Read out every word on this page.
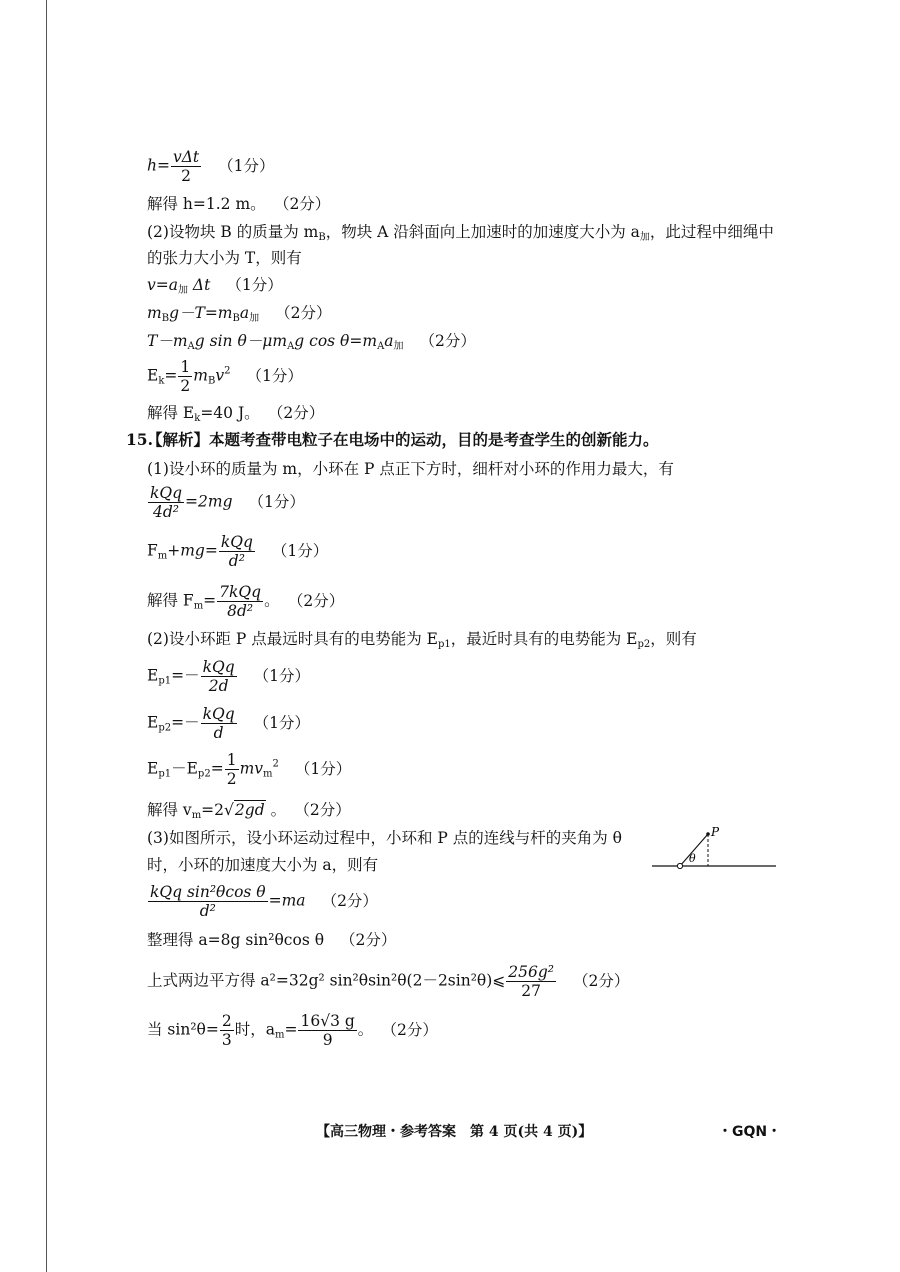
$h= \frac{\text{vΔt}}{2} (1$分）
解得 h=1.2 m。 （2分）
(2)设物块 B 的质量为 $m_B$，物块 A 沿斜面向上加速时的加速度大小为 $a_加$，此过程中细绳中
的张力大小为 T，则有
$v=a_加$ Δt （1分）
$m_Bg-T=m_Ba_加$ （2分）
$T-m_Ag$ $\sin \theta-\mu m_Ag$ $\cos \theta=m_Aa_加$ （2分）
$E_k= \frac{1}{2} m_Bv^2$ （1分）
解得 $E_k=40$ J。 （2分）
15.
【解析】本题考查带电粒子在电场中的运动，目的是考查学生的创新能力。
(1)设小环的质量为 m，小环在 P 点正下方时，细杆对小环的作用力最大，有
$\frac{\text{kQq}}{\text{4d²}} =2mg$ （1分）
$F_m+mg= \frac{\text{kQq}}{\text{d²}} (1$分）
解得 $F_m= \frac{\text{7kQq}}{\text{8d²}}$ 。 （2分）
(2)设小环距 P 点最远时具有的电势能为 $E_{p1}$，最近时具有的电势能为 $E_{p2}$，则有
$E_{p1}=- \frac{\text{kQq}}{2d} (1$分）
$E_{p2}=- \frac{\text{kQq}}{d} (1$分）
$E_{p1}-E_{p2}= \frac{1}{2} mv_m^2$ （1分）
解得 $v_m=2√2gd$ 。 （2分）
(3)如图所示，设小环运动过程中，小环和 P 点的连线与杆的夹角为 θ
时，小环的加速度大小为 a，则有
P
θ
$\frac{\text{kQq sin²θcos θ}}{\text{d²}} =ma$ （2分）
整理得 a=8g sin²θcos θ （2分）
上式两边平方得 a²=32g² sin²θsin²θ(2－2sin²θ)⩽ $\frac{\text{256g²}}{27} (2$分）
当 $\sin^2\theta= \frac{2}{3}$ 时，$a_m= \frac{16√3 g}{9}$ 。 （2分）
【高三物理・参考答案　第 4 页(共 4 页)】	・GQN・
